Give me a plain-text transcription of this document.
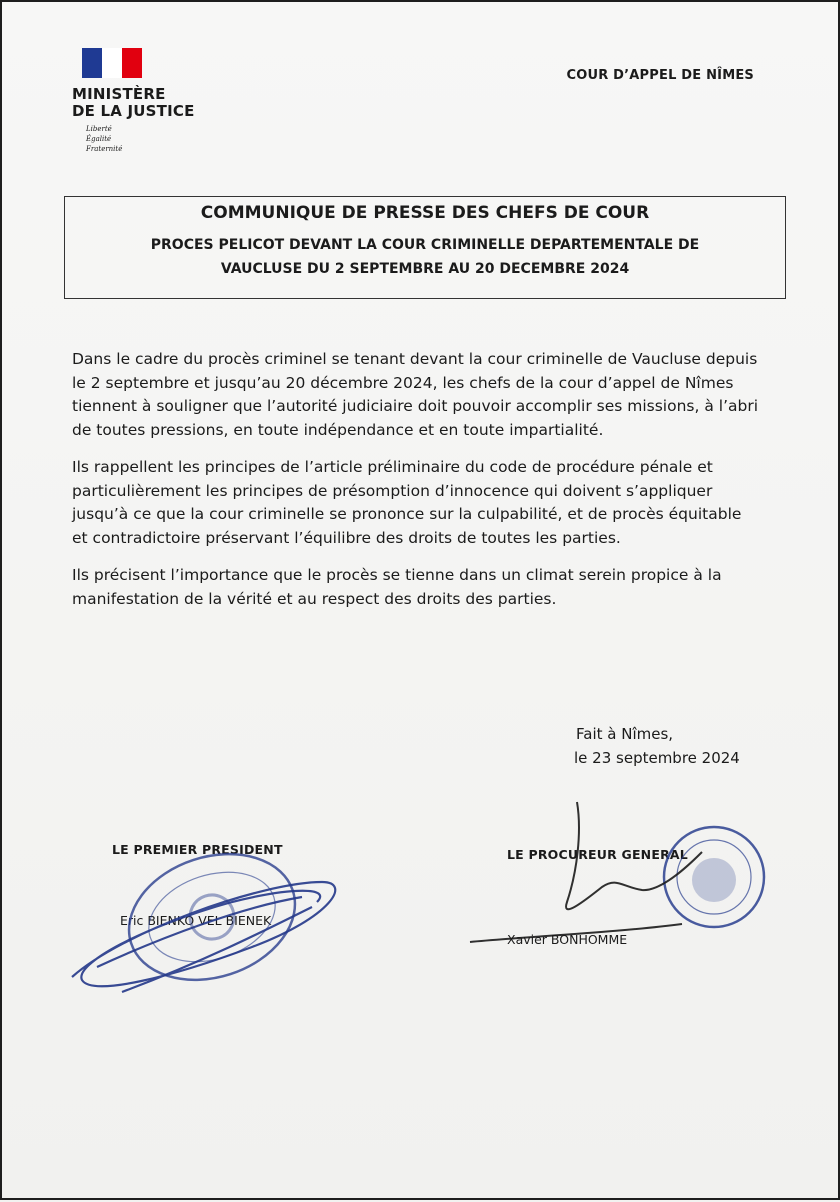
MINISTÈRE
DE LA JUSTICE
Liberté
Égalité
Fraternité
COUR D’APPEL DE NÎMES
COMMUNIQUE DE PRESSE DES CHEFS DE COUR
PROCES PELICOT DEVANT LA COUR CRIMINELLE DEPARTEMENTALE DE
VAUCLUSE DU 2 SEPTEMBRE AU 20 DECEMBRE 2024

Dans le cadre du procès criminel se tenant devant la cour criminelle de Vaucluse depuis le 2 septembre et jusqu’au 20 décembre 2024, les chefs de la cour d’appel de Nîmes tiennent à souligner que l’autorité judiciaire doit pouvoir accomplir ses missions, à l’abri de toutes pressions, en toute indépendance et en toute impartialité.

Ils rappellent les principes de l’article préliminaire du code de procédure pénale et particulièrement les principes de présomption d’innocence qui doivent s’appliquer jusqu’à ce que la cour criminelle se prononce sur la culpabilité, et de procès équitable et contradictoire préservant l’équilibre des droits de toutes les parties.

Ils précisent l’importance que le procès se tienne dans un climat serein propice à la manifestation de la vérité et au respect des droits des parties.

Fait à Nîmes,
le 23 septembre 2024
LE PREMIER PRESIDENT
Eric BIENKO VEL BIENEK
LE PROCUREUR GENERAL
Xavier BONHOMME
